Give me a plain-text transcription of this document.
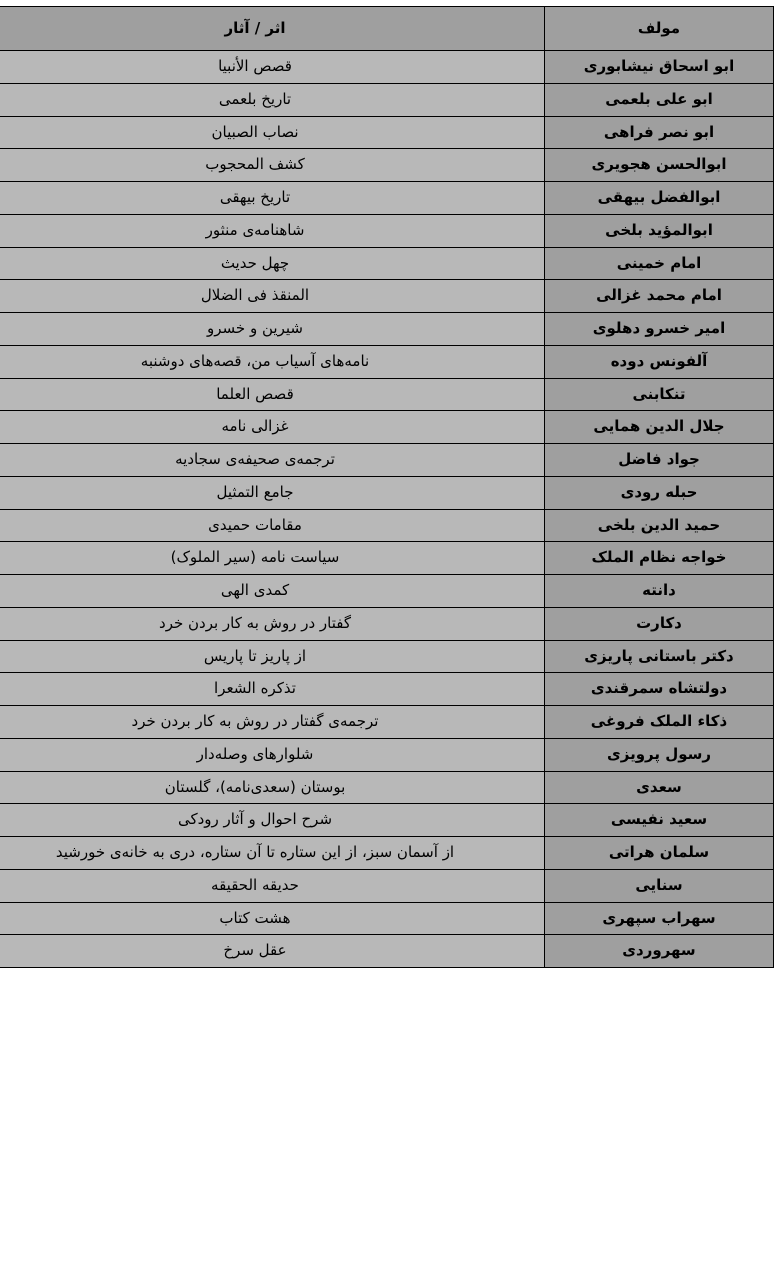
مولف	اثر / آثار
ابو اسحاق نیشابوری	قصص الأنبیا
ابو علی بلعمی	تاریخ بلعمی
ابو نصر فراهی	نصاب الصبیان
ابوالحسن هجویری	کشف المحجوب
ابوالفضل بیهقی	تاریخ بیهقی
ابوالمؤید بلخی	شاهنامه‌ی منثور
امام خمینی	چهل حدیث
امام محمد غزالی	المنقذ فی الضلال
امیر خسرو دهلوی	شیرین و خسرو
آلفونس دوده	نامه‌های آسیاب من، قصه‌های دوشنبه
تنکابنی	قصص العلما
جلال الدین همایی	غزالی نامه
جواد فاضل	ترجمه‌ی صحیفه‌ی سجادیه
حبله رودی	جامع التمثیل
حمید الدین بلخی	مقامات حمیدی
خواجه نظام الملک	سیاست نامه (سیر الملوک)
دانته	کمدی الهی
دکارت	گفتار در روش به کار بردن خرد
دکتر باستانی پاریزی	از پاریز تا پاریس
دولتشاه سمرقندی	تذکره الشعرا
ذکاء الملک فروغی	ترجمه‌ی گفتار در روش به کار بردن خرد
رسول پرویزی	شلوارهای وصله‌دار
سعدی	بوستان (سعدی‌نامه)، گلستان
سعید نفیسی	شرح احوال و آثار رودکی
سلمان هراتی	از آسمان سبز، از این ستاره تا آن ستاره، دری به خانه‌ی خورشید
سنایی	حدیقه الحقیقه
سهراب سپهری	هشت کتاب
سهروردی	عقل سرخ
